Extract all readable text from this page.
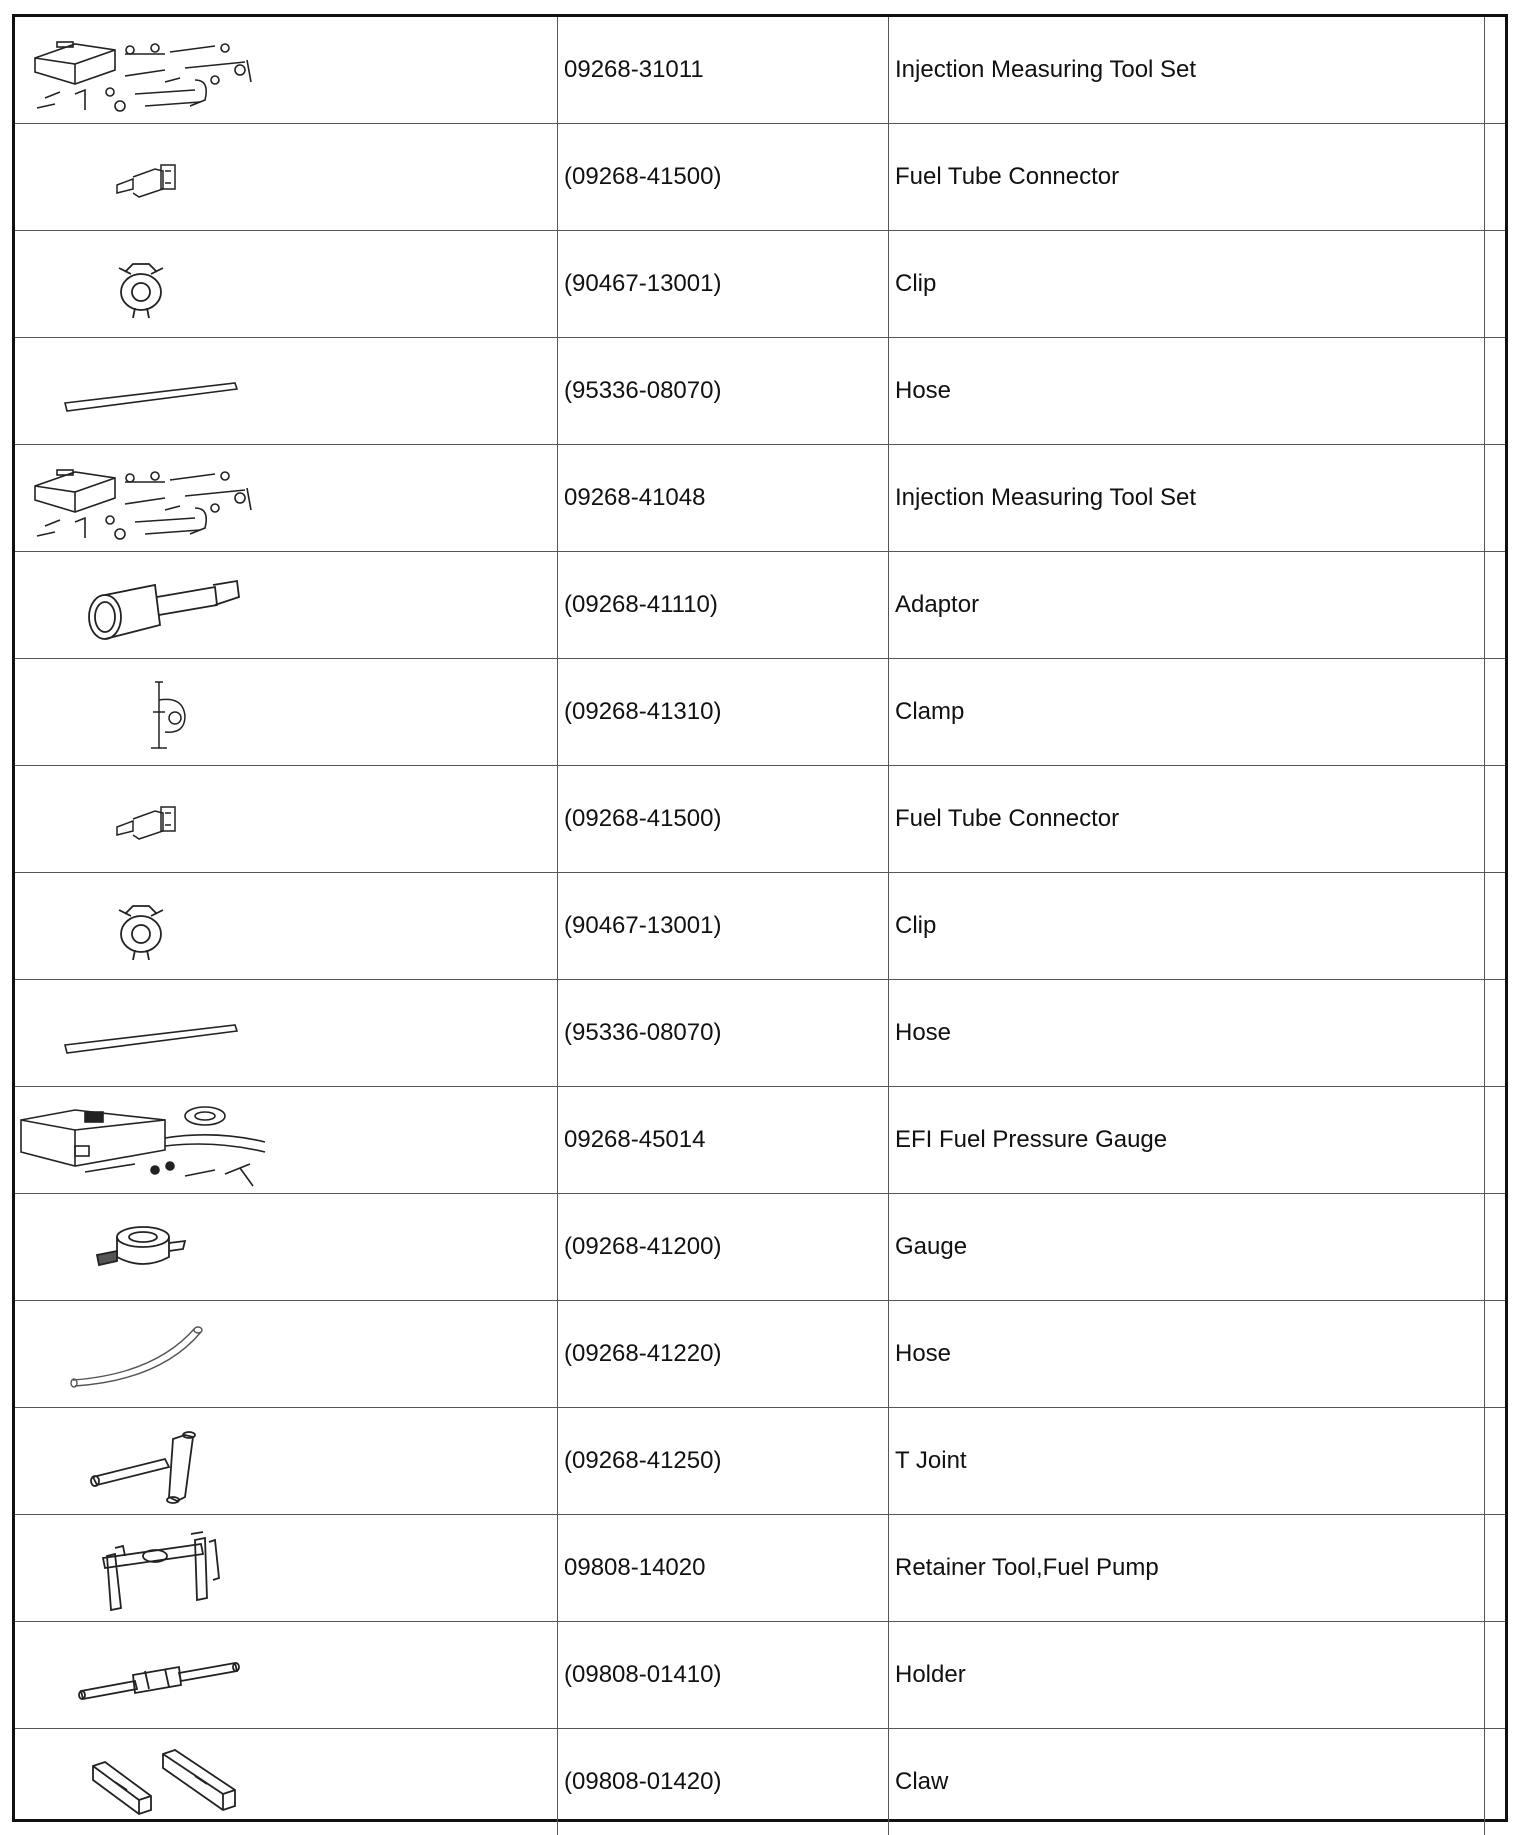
	09268-31011	Injection Measuring Tool Set	

	(09268-41500)	Fuel Tube Connector	

	(90467-13001)	Clip	

	(95336-08070)	Hose	

	09268-41048	Injection Measuring Tool Set	

	(09268-41110)	Adaptor	

	(09268-41310)	Clamp	

	(09268-41500)	Fuel Tube Connector	

	(90467-13001)	Clip	

	(95336-08070)	Hose	

	09268-45014	EFI Fuel Pressure Gauge	

	(09268-41200)	Gauge	

	(09268-41220)	Hose	

	(09268-41250)	T Joint	

	09808-14020	Retainer Tool,Fuel Pump	

	(09808-01410)	Holder	

	(09808-01420)	Claw	
